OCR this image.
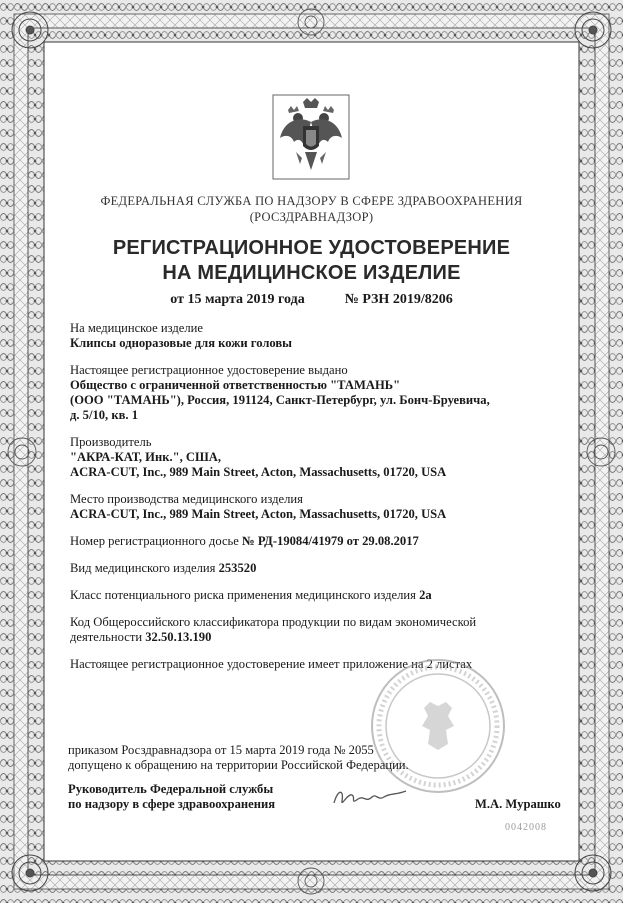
ФЕДЕРАЛЬНАЯ СЛУЖБА ПО НАДЗОРУ В СФЕРЕ ЗДРАВООХРАНЕНИЯ
(РОСЗДРАВНАДЗОР)
РЕГИСТРАЦИОННОЕ УДОСТОВЕРЕНИЕ
НА МЕДИЦИНСКОЕ ИЗДЕЛИЕ
от 15 марта 2019 года	№ РЗН 2019/8206
На медицинское изделие
Клипсы одноразовые для кожи головы
Настоящее регистрационное удостоверение выдано
Общество с ограниченной ответственностью "ТАМАНЬ"
(ООО "ТАМАНЬ"), Россия, 191124, Санкт-Петербург, ул. Бонч-Бруевича,
д. 5/10, кв. 1
Производитель
"АКРА-КАТ, Инк.", США,
ACRA-CUT, Inc., 989 Main Street, Acton, Massachusetts, 01720, USA
Место производства медицинского изделия
ACRA-CUT, Inc., 989 Main Street, Acton, Massachusetts, 01720, USA
Номер регистрационного досье № РД-19084/41979 от 29.08.2017
Вид медицинского изделия 253520
Класс потенциального риска применения медицинского изделия 2а
Код Общероссийского классификатора продукции по видам экономической
деятельности 32.50.13.190
Настоящее регистрационное удостоверение имеет приложение на 2 листах
приказом Росздравнадзора от 15 марта 2019 года № 2055
допущено к обращению на территории Российской Федерации.
Руководитель Федеральной службы
по надзору в сфере здравоохранения	М.А. Мурашко
0042008
